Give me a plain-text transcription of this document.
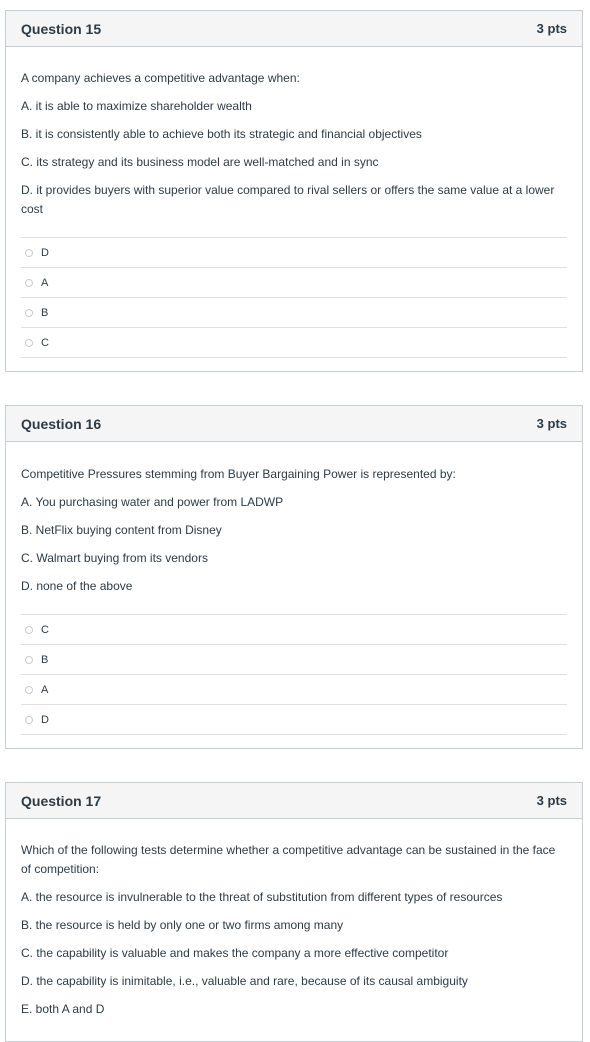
Question 15	3 pts
A company achieves a competitive advantage when:
A. it is able to maximize shareholder wealth
B. it is consistently able to achieve both its strategic and financial objectives
C. its strategy and its business model are well-matched and in sync
D. it provides buyers with superior value compared to rival sellers or offers the same value at a lower cost
D
A
B
C
Question 16	3 pts
Competitive Pressures stemming from Buyer Bargaining Power is represented by:
A. You purchasing water and power from LADWP
B. NetFlix buying content from Disney
C. Walmart buying from its vendors
D. none of the above
C
B
A
D
Question 17	3 pts
Which of the following tests determine whether a competitive advantage can be sustained in the face of competition:
A. the resource is invulnerable to the threat of substitution from different types of resources
B. the resource is held by only one or two firms among many
C. the capability is valuable and makes the company a more effective competitor
D. the capability is inimitable, i.e., valuable and rare, because of its causal ambiguity
E. both A and D
